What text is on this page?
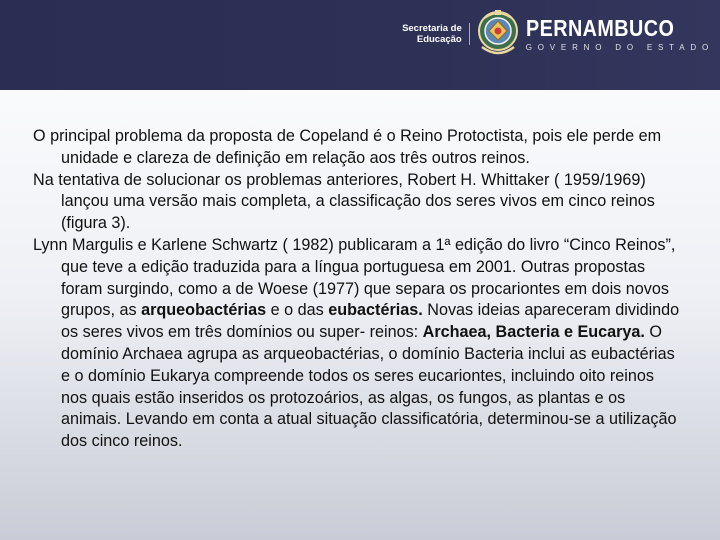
Secretaria de
Educação	PERNAMBUCO
GOVERNO DO ESTADO

O principal problema da proposta de Copeland é o Reino Protoctista, pois ele perde em unidade e clareza de definição em relação aos três outros reinos.

Na tentativa de solucionar os problemas anteriores, Robert H. Whittaker ( 1959/1969) lançou uma versão mais completa, a classificação dos seres vivos em cinco reinos (figura 3).

Lynn Margulis e Karlene Schwartz ( 1982) publicaram a 1ª edição do livro “Cinco Reinos”, que teve a edição traduzida para a língua portuguesa em 2001. Outras propostas foram surgindo, como a de Woese (1977) que separa os procariontes em dois novos grupos, as arqueobactérias e o das eubactérias. Novas ideias apareceram dividindo os seres vivos em três domínios ou super- reinos: Archaea, Bacteria e Eucarya. O domínio Archaea agrupa as arqueobactérias, o domínio Bacteria inclui as eubactérias e o domínio Eukarya compreende todos os seres eucariontes, incluindo oito reinos nos quais estão inseridos os protozoários, as algas, os fungos, as plantas e os animais. Levando em conta a atual situação classificatória, determinou-se a utilização dos cinco reinos.
